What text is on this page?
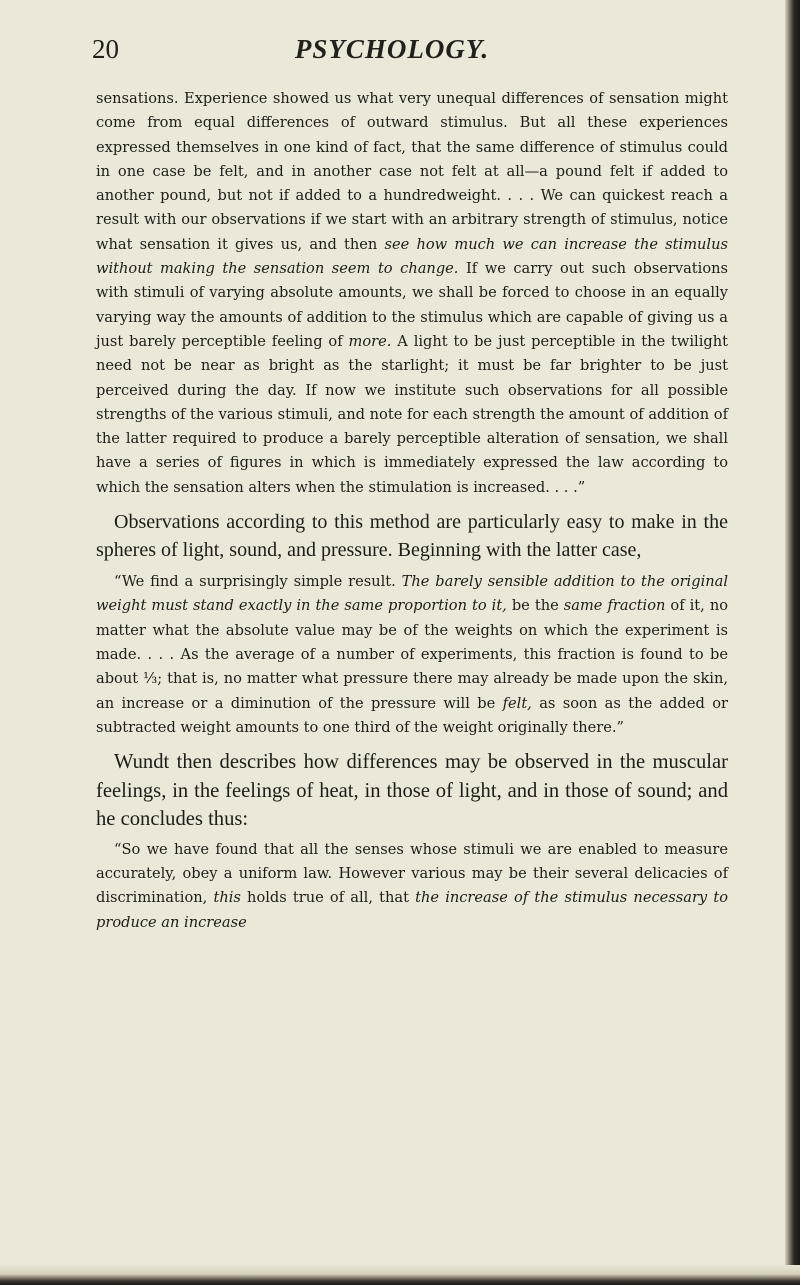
20	PSYCHOLOGY.

sensations. Experience showed us what very unequal differences of sensation might come from equal differences of outward stimulus. But all these experiences expressed themselves in one kind of fact, that the same difference of stimulus could in one case be felt, and in another case not felt at all—a pound felt if added to another pound, but not if added to a hundredweight. . . . We can quickest reach a result with our observations if we start with an arbitrary strength of stimulus, notice what sensation it gives us, and then see how much we can increase the stimulus without making the sensation seem to change. If we carry out such observations with stimuli of varying absolute amounts, we shall be forced to choose in an equally varying way the amounts of addition to the stimulus which are capable of giving us a just barely perceptible feeling of more. A light to be just perceptible in the twilight need not be near as bright as the starlight; it must be far brighter to be just perceived during the day. If now we institute such observations for all possible strengths of the various stimuli, and note for each strength the amount of addition of the latter required to produce a barely perceptible alteration of sensation, we shall have a series of figures in which is immediately expressed the law according to which the sensation alters when the stimulation is increased. . . .”

Observations according to this method are particularly easy to make in the spheres of light, sound, and pressure. Beginning with the latter case,

“We find a surprisingly simple result. The barely sensible addition to the original weight must stand exactly in the same proportion to it, be the same fraction of it, no matter what the absolute value may be of the weights on which the experiment is made. . . . As the average of a number of experiments, this fraction is found to be about ⅓; that is, no matter what pressure there may already be made upon the skin, an increase or a diminution of the pressure will be felt, as soon as the added or subtracted weight amounts to one third of the weight originally there.”

Wundt then describes how differences may be observed in the muscular feelings, in the feelings of heat, in those of light, and in those of sound; and he concludes thus:

“So we have found that all the senses whose stimuli we are enabled to measure accurately, obey a uniform law. However various may be their several delicacies of discrimination, this holds true of all, that the increase of the stimulus necessary to produce an increase
